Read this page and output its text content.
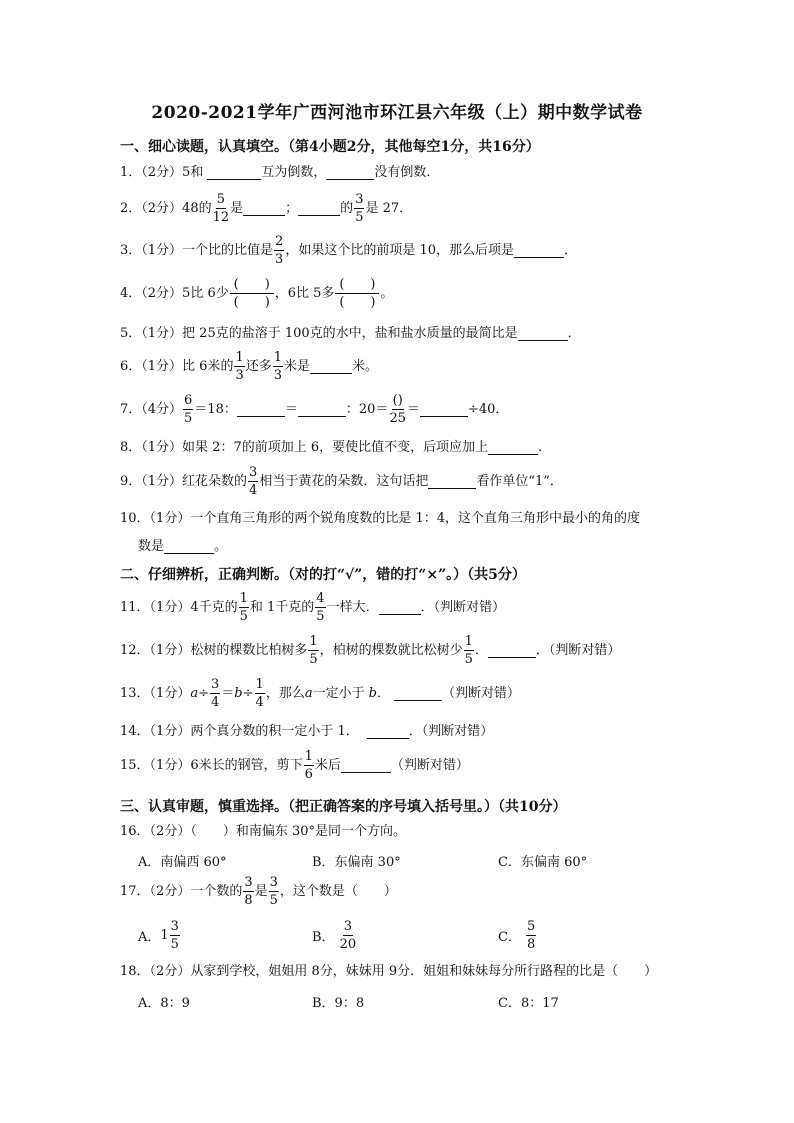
2020-2021学年广西河池市环江县六年级（上）期中数学试卷
一、细心读题，认真填空。（第4小题2分，其他每空1分，共16分）
1．（2分）5和	互为倒数，	没有倒数．
2．（2分）48的 $\frac{5}{12}$ 是	；	的 $\frac{3}{5}$ 是 27．
3．（1分）一个比的比值是 $\frac{2}{3}$ ，如果这个比的前项是 10，那么后项是	．
4．（2分）5比 6少 $\frac{( )}{( )}$ ，6比 5多 $\frac{( )}{( )}$ 。
5．（1分）把 25克的盐溶于 100克的水中，盐和盐水质量的最简比是	．
6．（1分）比 6米的 $\frac{1}{3}$ 还多 $\frac{1}{3}$ 米是	米。
7．（4分） $\frac{6}{5} =18$：	＝	：$20= \frac{()}{25}$ ＝	÷40．
8．（1分）如果 2：7的前项加上 6，要使比值不变，后项应加上	．
9．（1分）红花朵数的 $\frac{3}{4}$ 相当于黄花的朵数．这句话把	看作单位“1”．
10．（1分）一个直角三角形的两个锐角度数的比是 1：4，这个直角三角形中最小的角的度
数是	。
二、仔细辨析，正确判断。（对的打“√”，错的打“×”。）（共5分）
11．（1分）4千克的 $\frac{1}{5}$ 和 1千克的 $\frac{4}{5}$ 一样大．	．（判断对错）
12．（1分）松树的棵数比柏树多 $\frac{1}{5}$ ，柏树的棵数就比松树少 $\frac{1}{5}$ ．	．（判断对错）
13．（1分） $a \div \frac{3}{4} = b \div \frac{1}{4}$ ，那么 a 一定小于 b ．	（判断对错）
14．（1分）两个真分数的积一定小于 1．	．（判断对错）
15．（1分）6米长的钢管，剪下 $\frac{1}{6}$ 米后	（判断对错）
三、认真审题，慎重选择。（把正确答案的序号填入括号里。）（共10分）
16．（2分）（　　）和南偏东 30°是同一个方向。
A．南偏西 60°	B．东偏南 30°	C．东偏南 60°
17．（2分）一个数的 $\frac{3}{8}$ 是 $\frac{3}{5}$ ，这个数是（　　）
A． $1 \frac{3}{5}$	B． $\frac{3}{20}$	C． $\frac{5}{8}$
18．（2分）从家到学校，姐姐用 8分，妹妹用 9分．姐姐和妹妹每分所行路程的比是（　　）
A．8：9	B．9：8	C．8：17
